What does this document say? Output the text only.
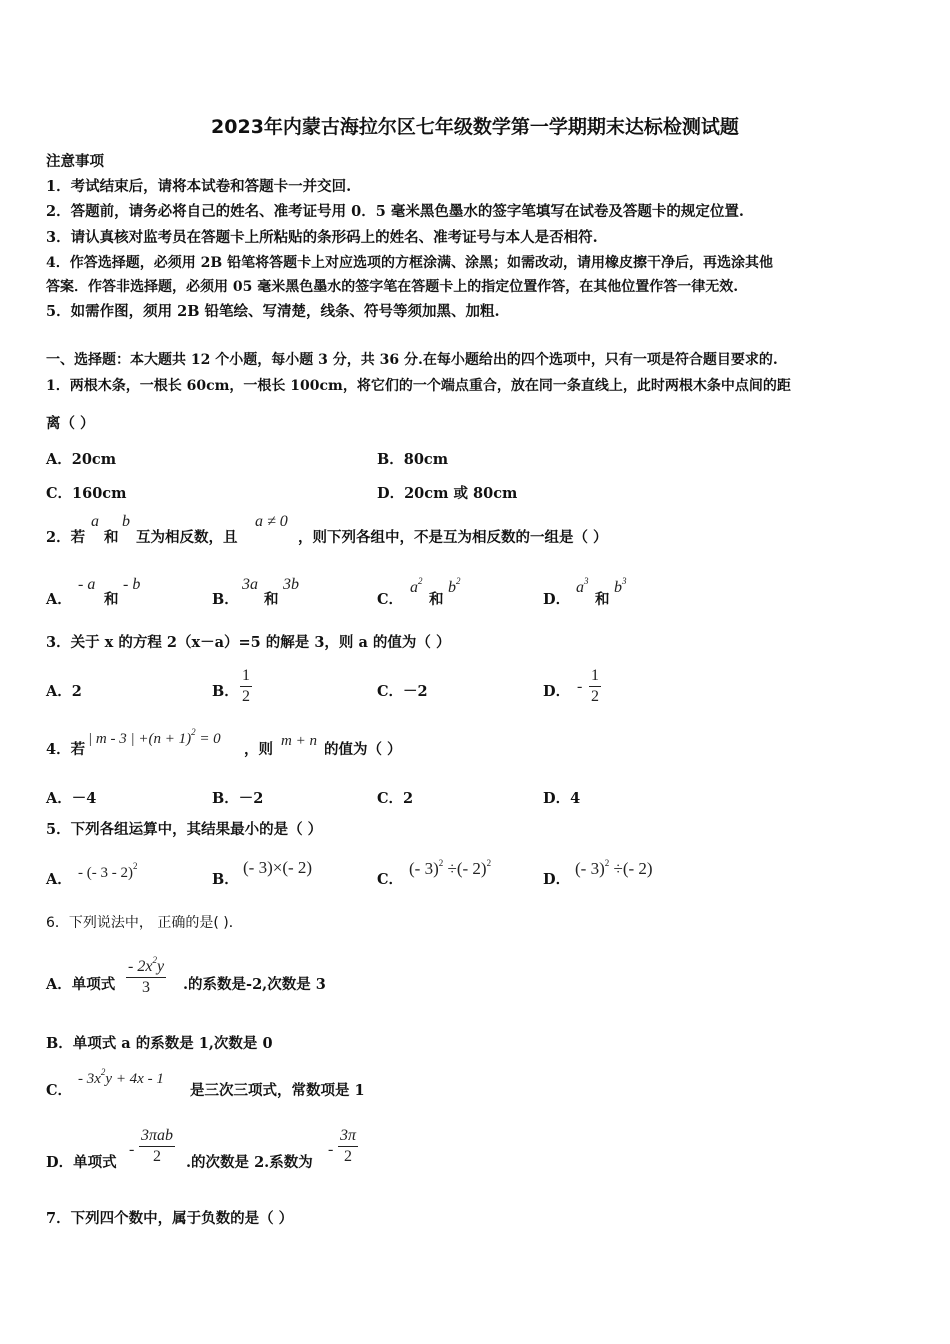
2023年内蒙古海拉尔区七年级数学第一学期期末达标检测试题
注意事项
1．考试结束后，请将本试卷和答题卡一并交回.
2．答题前，请务必将自己的姓名、准考证号用 0．5 毫米黑色墨水的签字笔填写在试卷及答题卡的规定位置.
3．请认真核对监考员在答题卡上所粘贴的条形码上的姓名、准考证号与本人是否相符.
4．作答选择题，必须用 2B 铅笔将答题卡上对应选项的方框涂满、涂黑；如需改动，请用橡皮擦干净后，再选涂其他
答案．作答非选择题，必须用 05 毫米黑色墨水的签字笔在答题卡上的指定位置作答，在其他位置作答一律无效.
5．如需作图，须用 2B 铅笔绘、写清楚，线条、符号等须加黑、加粗.
一、选择题：本大题共 12 个小题，每小题 3 分，共 36 分.在每小题给出的四个选项中，只有一项是符合题目要求的.
1．两根木条，一根长 60cm，一根长 100cm，将它们的一个端点重合，放在同一条直线上，此时两根木条中点间的距
离（ ）
A．20cm	B．80cm
C．160cm	D．20cm 或 80cm
2．若
a
和
b
互为相反数，且
a ≠ 0
，则下列各组中，不是互为相反数的一组是（ ）
A．
- a
和
- b
B．
3a
和
3b
C．
$a^2$
和
$b^2$
D．
$a^3$
和
$b^3$
3．关于 x 的方程 2（x－a）=5 的解是 3，则 a 的值为（ ）
A．2	B． $\frac{1}{2}$	C．－2	D． - $\frac{1}{2}$
4．若
| m - 3 | $+(n + 1)^2 = 0$
，则 m + n 的值为（ ）
A．－4	B．－2	C．2	D．4
5．下列各组运算中，其结果最小的是（ ）
A． - (- 3 - 2)$^2$
B．
(- 3)×(- 2)
C．
(- 3)$^2$ ÷(- 2)$^2$
D．
(- 3)$^2$ ÷(- 2)
6．下列说法中， 正确的是( )．
A．单项式 $\frac{- 2x^2y}{3}$ .的系数是-2,次数是 3
B．单项式 a 的系数是 1,次数是 0
C．
- $3x^2y + 4x - 1$
是三次三项式，常数项是 1
D．单项式
-
3πab
2	.的次数是 2.系数为
- $\frac{3\pi}{2}$
7．下列四个数中，属于负数的是（ ）
